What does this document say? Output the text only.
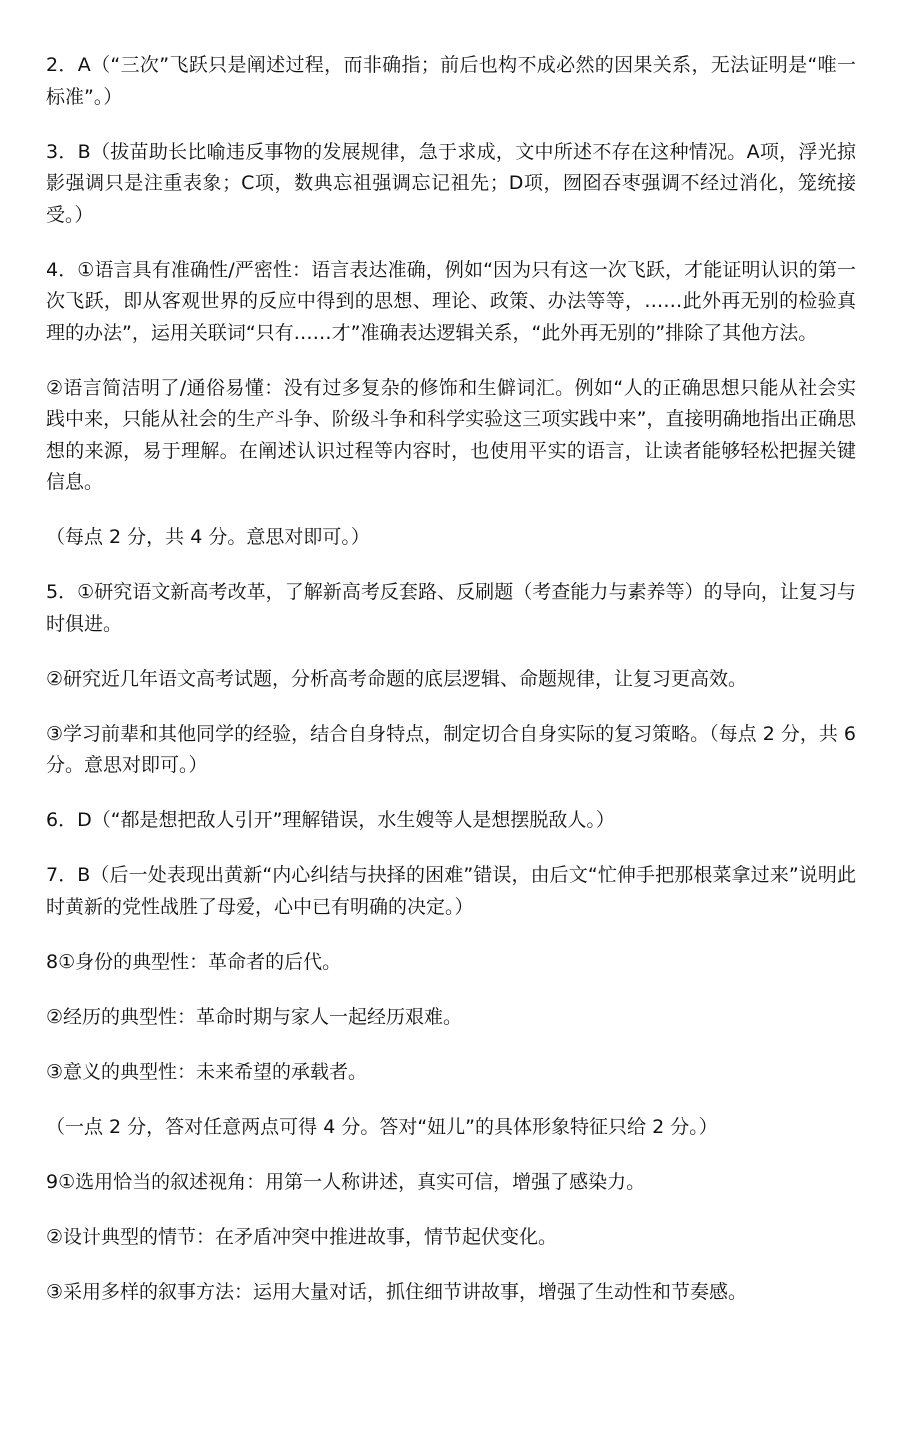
2．A（“三次”飞跃只是阐述过程，而非确指；前后也构不成必然的因果关系，无法证明是“唯一标准”。）

3．B（拔苗助长比喻违反事物的发展规律，急于求成，文中所述不存在这种情况。A项，浮光掠影强调只是注重表象；C项，数典忘祖强调忘记祖先；D项，囫囵吞枣强调不经过消化，笼统接受。）

4．①语言具有准确性/严密性：语言表达准确，例如“因为只有这一次飞跃，才能证明认识的第一次飞跃，即从客观世界的反应中得到的思想、理论、政策、办法等等，……此外再无别的检验真理的办法”，运用关联词“只有……才”准确表达逻辑关系，“此外再无别的”排除了其他方法。

②语言简洁明了/通俗易懂：没有过多复杂的修饰和生僻词汇。例如“人的正确思想只能从社会实践中来，只能从社会的生产斗争、阶级斗争和科学实验这三项实践中来”，直接明确地指出正确思想的来源，易于理解。在阐述认识过程等内容时，也使用平实的语言，让读者能够轻松把握关键信息。

（每点 2 分，共 4 分。意思对即可。）

5．①研究语文新高考改革，了解新高考反套路、反刷题（考查能力与素养等）的导向，让复习与时俱进。

②研究近几年语文高考试题，分析高考命题的底层逻辑、命题规律，让复习更高效。

③学习前辈和其他同学的经验，结合自身特点，制定切合自身实际的复习策略。（每点 2 分，共 6 分。意思对即可。）

6．D（“都是想把敌人引开”理解错误，水生嫂等人是想摆脱敌人。）

7．B（后一处表现出黄新“内心纠结与抉择的困难”错误，由后文“忙伸手把那根菜拿过来”说明此时黄新的党性战胜了母爱，心中已有明确的决定。）

8①身份的典型性：革命者的后代。

②经历的典型性：革命时期与家人一起经历艰难。

③意义的典型性：未来希望的承载者。

（一点 2 分，答对任意两点可得 4 分。答对“妞儿”的具体形象特征只给 2 分。）

9①选用恰当的叙述视角：用第一人称讲述，真实可信，增强了感染力。

②设计典型的情节：在矛盾冲突中推进故事，情节起伏变化。

③采用多样的叙事方法：运用大量对话，抓住细节讲故事，增强了生动性和节奏感。
